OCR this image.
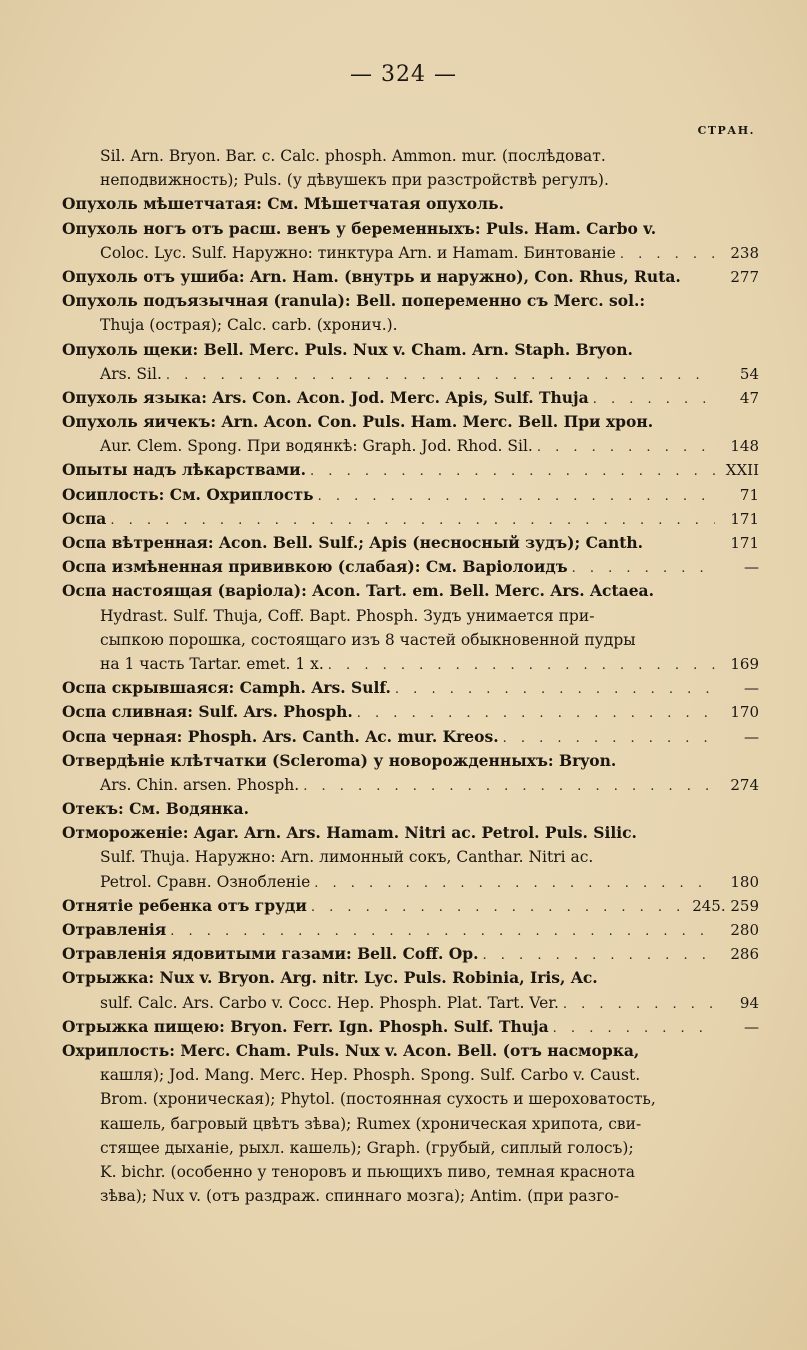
— 324 —
СТРАН.
Sil. Arn. Bryon. Bar. c. Calc. phosph. Ammon. mur. (послѣдоват.
неподвижность); Puls. (у дѣвушекъ при разстройствѣ регулъ).
Опухоль мѣшетчатая: См. Мѣшетчатая опухоль.
Опухоль ногъ отъ расш. венъ у беременныхъ: Puls. Ham. Carbo v.
Coloc. Lyc. Sulf. Наружно: тинктура Arn. и Hamam. Бинтованіе . . .	238
Опухоль отъ ушиба: Arn. Ham. (внутрь и наружно), Con. Rhus, Ruta.	277
Опухоль подъязычная (ranula): Bell. попеременно съ Merc. sol.:
Thuja (острая); Calc. carb. (хронич.).
Опухоль щеки: Bell. Merc. Puls. Nux v. Cham. Arn. Staph. Bryon.
Ars. Sil. . . .	54
Опухоль языка: Ars. Con. Acon. Jod. Merc. Apis, Sulf. Thuja . . .	47
Опухоль яичекъ: Arn. Acon. Con. Puls. Ham. Merc. Bell. При хрон.
Aur. Clem. Spong. При водянкѣ: Graph. Jod. Rhod. Sil. . . .	148
Опыты надъ лѣкарствами. . . .	XXII
Осиплость: См. Охриплость . . .	71
Оспа . . .	171
Оспа вѣтренная: Acon. Bell. Sulf.; Apis (несносный зудъ); Canth.	171
Оспа измѣненная прививкою (слабая): См. Варіолоидъ . . .	—
Оспа настоящая (варіола): Acon. Tart. em. Bell. Merc. Ars. Actaea.
Hydrast. Sulf. Thuja, Coff. Bapt. Phosph. Зудъ унимается при-
сыпкою порошка, состоящаго изъ 8 частей обыкновенной пудры
на 1 часть Tartar. emet. 1 x. . . .	169
Оспа скрывшаяся: Camph. Ars. Sulf. . . .	—
Оспа сливная: Sulf. Ars. Phosph. . . .	170
Оспа черная: Phosph. Ars. Canth. Ac. mur. Kreos. . . .	—
Отвердѣніе клѣтчатки (Scleroma) у новорожденныхъ: Bryon.
Ars. Chin. arsen. Phosph. . . .	274
Отекъ: См. Водянка.
Отмороженіе: Agar. Arn. Ars. Hamam. Nitri ac. Petrol. Puls. Silic.
Sulf. Thuja. Наружно: Arn. лимонный сокъ, Canthar. Nitri ac.
Petrol. Сравн. Ознобленіе . . .	180
Отнятіе ребенка отъ груди . . .	245. 259
Отравленія . . .	280
Отравленія ядовитыми газами: Bell. Coff. Op. . . .	286
Отрыжка: Nux v. Bryon. Arg. nitr. Lyc. Puls. Robinia, Iris, Ac.
sulf. Calc. Ars. Carbo v. Cocc. Hep. Phosph. Plat. Tart. Ver. . . .	94
Отрыжка пищею: Bryon. Ferr. Ign. Phosph. Sulf. Thuja . . .	—
Охриплость: Merc. Cham. Puls. Nux v. Acon. Bell. (отъ насморка,
кашля); Jod. Mang. Merc. Hep. Phosph. Spong. Sulf. Carbo v. Caust.
Brom. (хроническая); Phytol. (постоянная сухость и шероховатость,
кашель, багровый цвѣтъ зѣва); Rumex (хроническая хрипота, сви-
стящее дыханіе, рыхл. кашель); Graph. (грубый, сиплый голосъ);
K. bichr. (особенно у теноровъ и пьющихъ пиво, темная краснота
зѣва); Nux v. (отъ раздраж. спиннаго мозга); Antim. (при разго-
